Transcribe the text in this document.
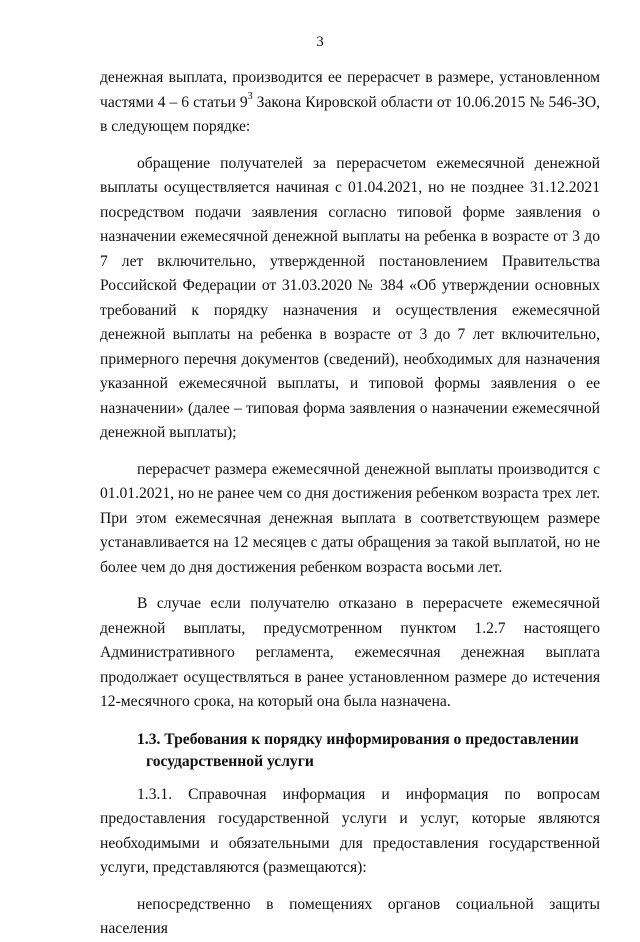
3

денежная выплата, производится ее перерасчет в размере, установленном частями 4 – 6 статьи $9^3$ Закона Кировской области от 10.06.2015 № 546-ЗО, в следующем порядке:

обращение получателей за перерасчетом ежемесячной денежной выплаты осуществляется начиная с 01.04.2021, но не позднее 31.12.2021 посредством подачи заявления согласно типовой форме заявления о назначении ежемесячной денежной выплаты на ребенка в возрасте от 3 до 7 лет включительно, утвержденной постановлением Правительства Российской Федерации от 31.03.2020 № 384 «Об утверждении основных требований к порядку назначения и осуществления ежемесячной денежной выплаты на ребенка в возрасте от 3 до 7 лет включительно, примерного перечня документов (сведений), необходимых для назначения указанной ежемесячной выплаты, и типовой формы заявления о ее назначении» (далее – типовая форма заявления о назначении ежемесячной денежной выплаты);

перерасчет размера ежемесячной денежной выплаты производится с 01.01.2021, но не ранее чем со дня достижения ребенком возраста трех лет. При этом ежемесячная денежная выплата в соответствующем размере устанавливается на 12 месяцев с даты обращения за такой выплатой, но не более чем до дня достижения ребенком возраста восьми лет.

В случае если получателю отказано в перерасчете ежемесячной денежной выплаты, предусмотренном пунктом 1.2.7 настоящего Административного регламента, ежемесячная денежная выплата продолжает осуществляться в ранее установленном размере до истечения 12-месячного срока, на который она была назначена.

1.3. Требования к порядку информирования о предоставлении
государственной услуги

1.3.1. Справочная информация и информация по вопросам предоставления государственной услуги и услуг, которые являются необходимыми и обязательными для предоставления государственной услуги, представляются (размещаются):

непосредственно в помещениях органов социальной защиты населения
